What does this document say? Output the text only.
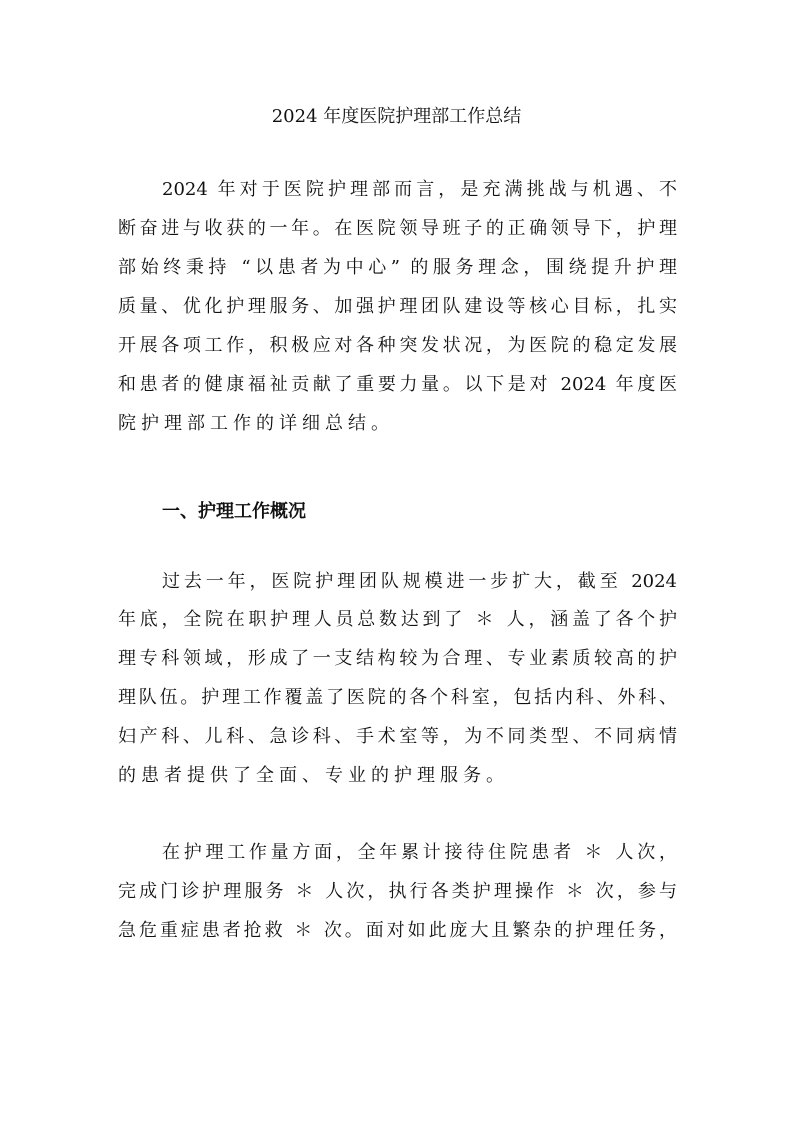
2024 年度医院护理部工作总结
2024 年对于医院护理部而言，是充满挑战与机遇、不
断奋进与收获的一年。在医院领导班子的正确领导下，护理
部始终秉持 “以患者为中心” 的服务理念，围绕提升护理
质量、优化护理服务、加强护理团队建设等核心目标，扎实
开展各项工作，积极应对各种突发状况，为医院的稳定发展
和患者的健康福祉贡献了重要力量。以下是对 2024 年度医
院护理部工作的详细总结。
一、护理工作概况
过去一年，医院护理团队规模进一步扩大，截至 2024
年底，全院在职护理人员总数达到了 ＊ 人，涵盖了各个护
理专科领域，形成了一支结构较为合理、专业素质较高的护
理队伍。护理工作覆盖了医院的各个科室，包括内科、外科、
妇产科、儿科、急诊科、手术室等，为不同类型、不同病情
的患者提供了全面、专业的护理服务。
在护理工作量方面，全年累计接待住院患者 ＊ 人次，
完成门诊护理服务 ＊ 人次，执行各类护理操作 ＊ 次，参与
急危重症患者抢救 ＊ 次。面对如此庞大且繁杂的护理任务，
